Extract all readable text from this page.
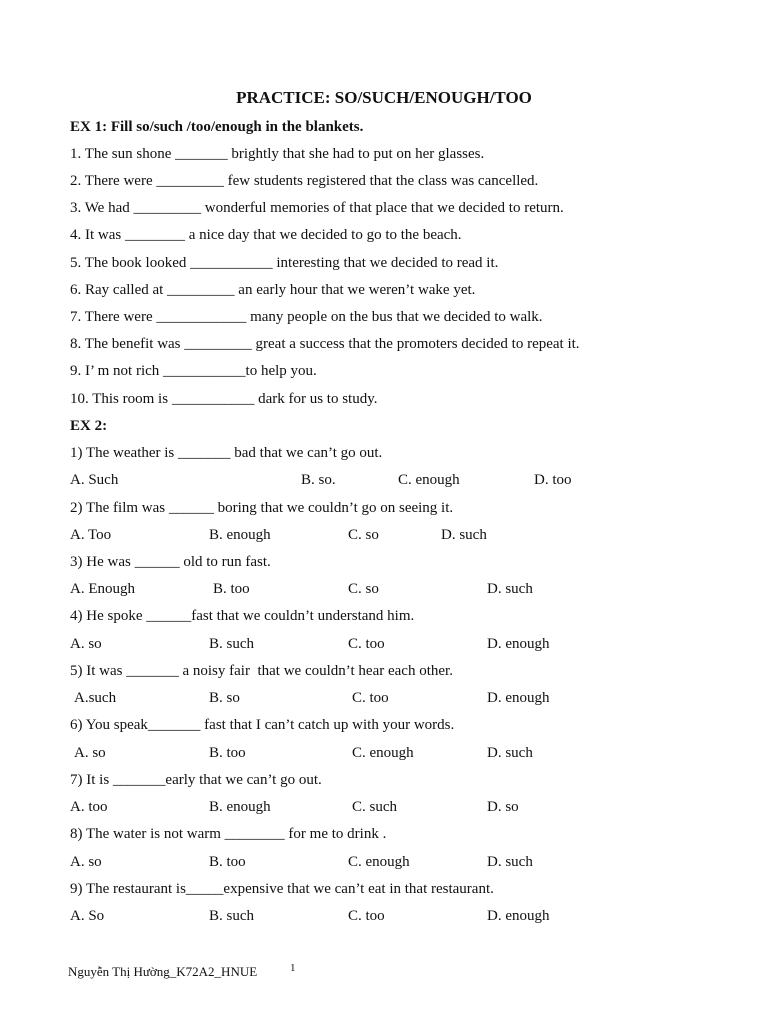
PRACTICE: SO/SUCH/ENOUGH/TOO
EX 1: Fill so/such /too/enough in the blankets.
1. The sun shone _______ brightly that she had to put on her glasses.
2. There were _________ few students registered that the class was cancelled.
3. We had _________ wonderful memories of that place that we decided to return.
4. It was ________ a nice day that we decided to go to the beach.
5. The book looked ___________ interesting that we decided to read it.
6. Ray called at _________ an early hour that we weren’t wake yet.
7. There were ____________ many people on the bus that we decided to walk.
8. The benefit was _________ great a success that the promoters decided to repeat it.
9. I’ m not rich ___________to help you.
10. This room is ___________ dark for us to study.
EX 2:
1) The weather is _______ bad that we can’t go out.
A. Such	B. so.	C. enough	D. too
2) The film was ______ boring that we couldn’t go on seeing it.
A. Too	B. enough	C. so	D. such
3) He was ______ old to run fast.
A. Enough	B. too	C. so	D. such
4) He spoke ______fast that we couldn’t understand him.
A. so	B. such	C. too	D. enough
5) It was _______ a noisy fair  that we couldn’t hear each other.
A.such	B. so	C. too	D. enough
6) You speak_______ fast that I can’t catch up with your words.
A. so	B. too	C. enough	D. such
7) It is _______early that we can’t go out.
A. too	B. enough	C. such	D. so
8) The water is not warm ________ for me to drink .
A. so	B. too	C. enough	D. such
9) The restaurant is_____expensive that we can’t eat in that restaurant.
A. So	B. such	C. too	D. enough
Nguyễn Thị Hường_K72A2_HNUE	1
